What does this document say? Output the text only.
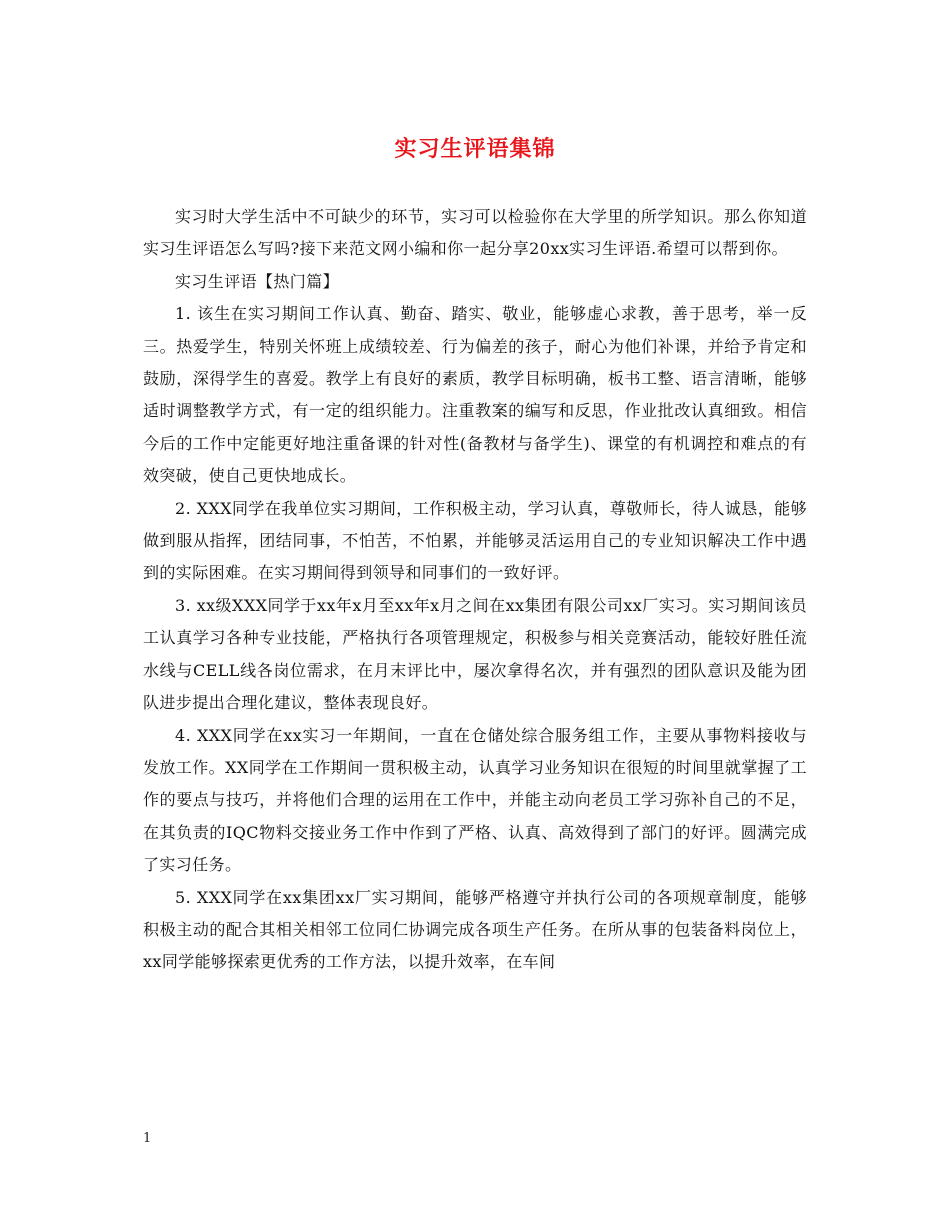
实习生评语集锦

实习时大学生活中不可缺少的环节，实习可以检验你在大学里的所学知识。那么你知道实习生评语怎么写吗?接下来范文网小编和你一起分享20xx实习生评语.希望可以帮到你。

实习生评语【热门篇】

1. 该生在实习期间工作认真、勤奋、踏实、敬业，能够虚心求教，善于思考，举一反三。热爱学生，特别关怀班上成绩较差、行为偏差的孩子，耐心为他们补课，并给予肯定和鼓励，深得学生的喜爱。教学上有良好的素质，教学目标明确，板书工整、语言清晰，能够适时调整教学方式，有一定的组织能力。注重教案的编写和反思，作业批改认真细致。相信今后的工作中定能更好地注重备课的针对性(备教材与备学生)、课堂的有机调控和难点的有效突破，使自己更快地成长。

2. XXX同学在我单位实习期间，工作积极主动，学习认真，尊敬师长，待人诚恳，能够做到服从指挥，团结同事，不怕苦，不怕累，并能够灵活运用自己的专业知识解决工作中遇到的实际困难。在实习期间得到领导和同事们的一致好评。

3. xx级XXX同学于xx年x月至xx年x月之间在xx集团有限公司xx厂实习。实习期间该员工认真学习各种专业技能，严格执行各项管理规定，积极参与相关竞赛活动，能较好胜任流水线与CELL线各岗位需求，在月末评比中，屡次拿得名次，并有强烈的团队意识及能为团队进步提出合理化建议，整体表现良好。

4. XXX同学在xx实习一年期间，一直在仓储处综合服务组工作，主要从事物料接收与发放工作。XX同学在工作期间一贯积极主动，认真学习业务知识在很短的时间里就掌握了工作的要点与技巧，并将他们合理的运用在工作中，并能主动向老员工学习弥补自己的不足，在其负责的IQC物料交接业务工作中作到了严格、认真、高效得到了部门的好评。圆满完成了实习任务。

5. XXX同学在xx集团xx厂实习期间，能够严格遵守并执行公司的各项规章制度，能够积极主动的配合其相关相邻工位同仁协调完成各项生产任务。在所从事的包装备料岗位上，xx同学能够探索更优秀的工作方法，以提升效率，在车间

1
